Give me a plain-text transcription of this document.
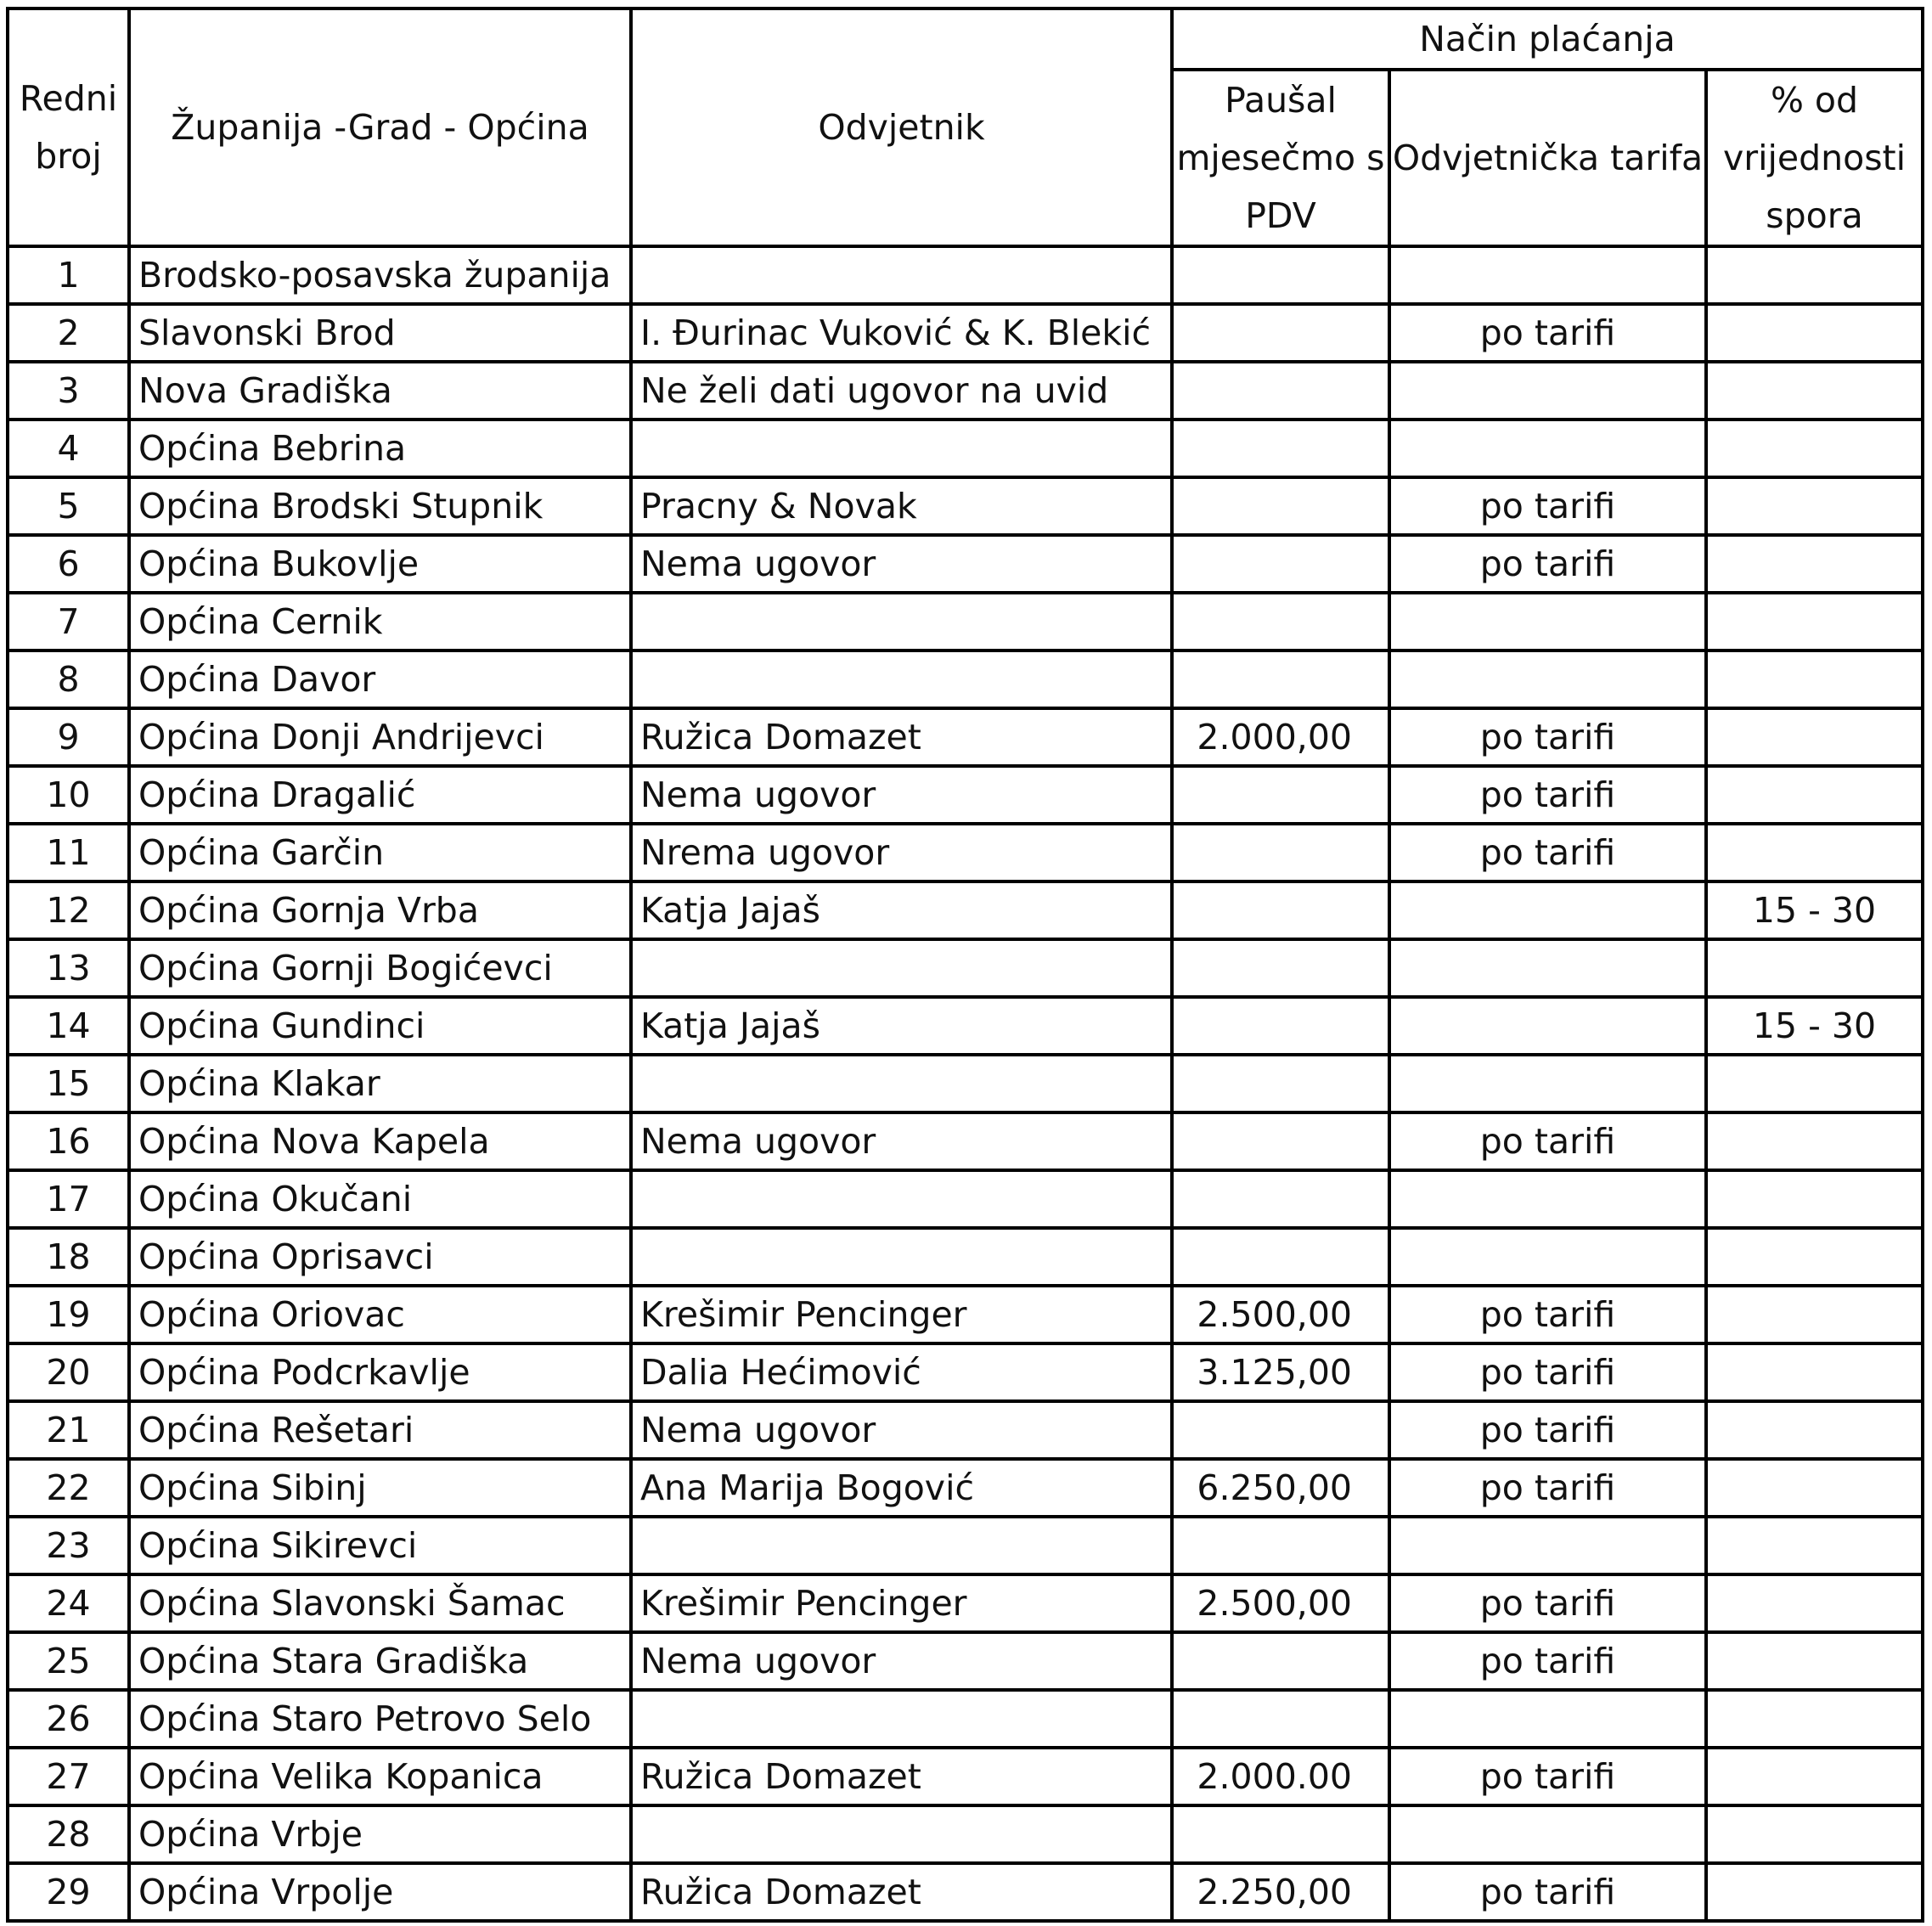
Redni broj	Županija -Grad - Općina	Odvjetnik	Način plaćanja		
			Paušal mjesečmo s PDV	Odvjetnička tarifa	% od vrijednosti spora
1	Brodsko-posavska županija				
2	Slavonski Brod	I. Đurinac Vuković & K. Blekić		po tarifi	
3	Nova Gradiška	Ne želi dati ugovor na uvid			
4	Općina Bebrina				
5	Općina Brodski Stupnik	Pracny & Novak		po tarifi	
6	Općina Bukovlje	Nema ugovor		po tarifi	
7	Općina Cernik				
8	Općina Davor				
9	Općina Donji Andrijevci	Ružica Domazet	2.000,00	po tarifi	
10	Općina Dragalić	Nema ugovor		po tarifi	
11	Općina Garčin	Nrema ugovor		po tarifi	
12	Općina Gornja Vrba	Katja Jajaš			15 - 30
13	Općina Gornji Bogićevci				
14	Općina Gundinci	Katja Jajaš			15 - 30
15	Općina Klakar				
16	Općina Nova Kapela	Nema ugovor		po tarifi	
17	Općina Okučani				
18	Općina Oprisavci				
19	Općina Oriovac	Krešimir Pencinger	2.500,00	po tarifi	
20	Općina Podcrkavlje	Dalia Hećimović	3.125,00	po tarifi	
21	Općina Rešetari	Nema ugovor		po tarifi	
22	Općina Sibinj	Ana Marija Bogović	6.250,00	po tarifi	
23	Općina Sikirevci				
24	Općina Slavonski Šamac	Krešimir Pencinger	2.500,00	po tarifi	
25	Općina Stara Gradiška	Nema ugovor		po tarifi	
26	Općina Staro Petrovo Selo				
27	Općina Velika Kopanica	Ružica Domazet	2.000.00	po tarifi	
28	Općina Vrbje				
29	Općina Vrpolje	Ružica Domazet	2.250,00	po tarifi	
